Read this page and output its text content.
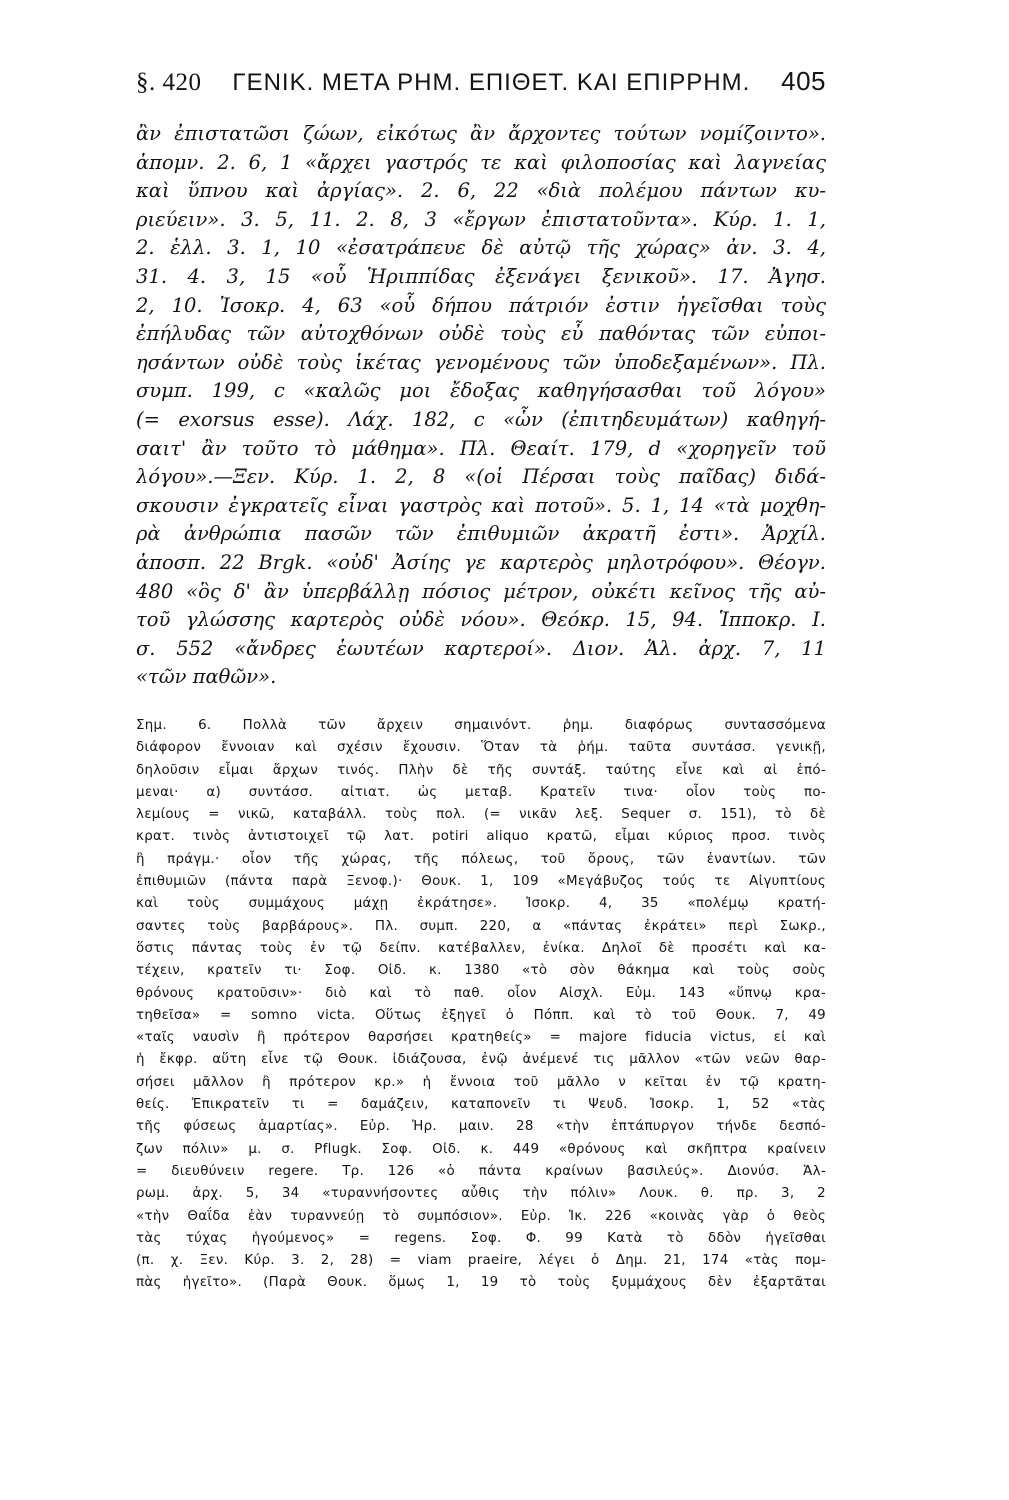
§. 420 ΓΕΝΙΚ. ΜΕΤΑ ΡΗΜ. ΕΠΙΘΕΤ. ΚΑΙ ΕΠΙΡΡΗΜ. 405
ἂν ἐπιστατῶσι ζώων, εἰκότως ἂν ἄρχοντες τούτων νομίζοιντο».
ἀπομν. 2. 6, 1 «ἄρχει γαστρός τε καὶ φιλοποσίας καὶ λαγνείας
καὶ ὕπνου καὶ ἀργίας». 2. 6, 22 «διὰ πολέμου πάντων κυ-
ριεύειν». 3. 5, 11. 2. 8, 3 «ἔργων ἐπιστατοῦντα». Κύρ. 1. 1,
2. ἑλλ. 3. 1, 10 «ἐσατράπευε δὲ αὐτῷ τῆς χώρας» ἀν. 3. 4,
31. 4. 3, 15 «οὗ Ἡριππίδας ἐξενάγει ξενικοῦ». 17. Ἀγησ.
2, 10. Ἰσοκρ. 4, 63 «οὗ δήπου πάτριόν ἐστιν ἡγεῖσθαι τοὺς
ἐπήλυδας τῶν αὐτοχθόνων οὐδὲ τοὺς εὖ παθόντας τῶν εὐποι-
ησάντων οὐδὲ τοὺς ἱκέτας γενομένους τῶν ὑποδεξαμένων». Πλ.
συμπ. 199, c «καλῶς μοι ἔδοξας καθηγήσασθαι τοῦ λόγου»
(= exorsus esse). Λάχ. 182, c «ὧν (ἐπιτηδευμάτων) καθηγή-
σαιτ' ἂν τοῦτο τὸ μάθημα». Πλ. Θεαίτ. 179, d «χορηγεῖν τοῦ
λόγου».—Ξεν. Κύρ. 1. 2, 8 «(οἱ Πέρσαι τοὺς παῖδας) διδά-
σκουσιν ἐγκρατεῖς εἶναι γαστρὸς καὶ ποτοῦ». 5. 1, 14 «τὰ μοχθη-
ρὰ ἀνθρώπια πασῶν τῶν ἐπιθυμιῶν ἀκρατῆ ἐστι». Ἀρχίλ.
ἀποσπ. 22 Brgk. «οὐδ' Ἀσίης γε καρτερὸς μηλοτρόφου». Θέογν.
480 «ὃς δ' ἂν ὑπερβάλλῃ πόσιος μέτρον, οὐκέτι κεῖνος τῆς αὐ-
τοῦ γλώσσης καρτερὸς οὐδὲ νόου». Θεόκρ. 15, 94. Ἱπποκρ. Ι.
σ. 552 «ἄνδρες ἑωυτέων καρτεροί». Διον. Ἁλ. ἀρχ. 7, 11
«τῶν παθῶν».
Σημ. 6. Πολλὰ τῶν ἄρχειν σημαινόντ. ῥημ. διαφόρως συντασσόμενα
διάφορον ἔννοιαν καὶ σχέσιν ἔχουσιν. Ὅταν τὰ ῥήμ. ταῦτα συντάσσ. γενικῇ,
δηλοῦσιν εἶμαι ἄρχων τινός. Πλὴν δὲ τῆς συντάξ. ταύτης εἶνε καὶ αἱ ἑπό-
μεναι· α) συντάσσ. αἰτιατ. ὡς μεταβ. Κρατεῖν τινα· οἷον τοὺς πο-
λεμίους = νικῶ, καταβάλλ. τοὺς πολ. (= νικᾶν λεξ. Sequer σ. 151), τὸ δὲ
κρατ. τινὸς ἀντιστοιχεῖ τῷ λατ. potiri aliquo κρατῶ, εἶμαι κύριος προσ. τινὸς
ἢ πράγμ.· οἷον τῆς χώρας, τῆς πόλεως, τοῦ ὄρους, τῶν ἐναντίων. τῶν
ἐπιθυμιῶν (πάντα παρὰ Ξενοφ.)· Θουκ. 1, 109 «Μεγάβυζος τούς τε Αἰγυπτίους
καὶ τοὺς συμμάχους μάχῃ ἐκράτησε». Ἰσοκρ. 4, 35 «πολέμῳ κρατή-
σαντες τοὺς βαρβάρους». Πλ. συμπ. 220, α «πάντας ἐκράτει» περὶ Σωκρ.,
ὅστις πάντας τοὺς ἐν τῷ δείπν. κατέβαλλεν, ἐνίκα. Δηλοῖ δὲ προσέτι καὶ κα-
τέχειν, κρατεῖν τι· Σοφ. Οἰδ. κ. 1380 «τὸ σὸν θάκημα καὶ τοὺς σοὺς
θρόνους κρατοῦσιν»· διὸ καὶ τὸ παθ. οἷον Αἰσχλ. Εὐμ. 143 «ὕπνῳ κρα-
τηθεῖσα» = somno victa. Οὕτως ἐξηγεῖ ὁ Πόππ. καὶ τὸ τοῦ Θουκ. 7, 49
«ταῖς ναυσὶν ἢ πρότερον θαρσήσει κρατηθείς» = majore fiducia victus, εἰ καὶ
ἡ ἔκφρ. αὕτη εἶνε τῷ Θουκ. ἰδιάζουσα, ἐνῷ ἀνέμενέ τις μᾶλλον «τῶν νεῶν θαρ-
σήσει μᾶλλον ἢ πρότερον κρ.» ἡ ἔννοια τοῦ μᾶλλο ν κεῖται ἐν τῷ κρατη-
θείς. Ἐπικρατεῖν τι = δαμάζειν, καταπονεῖν τι Ψευδ. Ἰσοκρ. 1, 52 «τὰς
τῆς φύσεως ἁμαρτίας». Εὐρ. Ἡρ. μαιν. 28 «τὴν ἑπτάπυργον τήνδε δεσπό-
ζων πόλιν» μ. σ. Pflugk. Σοφ. Οἰδ. κ. 449 «θρόνους καὶ σκῆπτρα κραίνειν
= διευθύνειν regere. Τρ. 126 «ὁ πάντα κραίνων βασιλεύς». Διονύσ. Ἁλ-
ρωμ. ἀρχ. 5, 34 «τυραννήσοντες αὖθις τὴν πόλιν» Λουκ. θ. πρ. 3, 2
«τὴν Θαΐδα ἐὰν τυραννεύῃ τὸ συμπόσιον». Εὐρ. Ἱκ. 226 «κοινὰς γὰρ ὁ θεὸς
τὰς τύχας ἡγούμενος» = regens. Σοφ. Φ. 99 Κατὰ τὸ δδὸν ἡγεῖσθαι
(π. χ. Ξεν. Κύρ. 3. 2, 28) = viam praeire, λέγει ὁ Δημ. 21, 174 «τὰς πομ-
πὰς ἡγεῖτο». (Παρὰ Θουκ. ὅμως 1, 19 τὸ τοὺς ξυμμάχους δὲν ἐξαρτᾶται
